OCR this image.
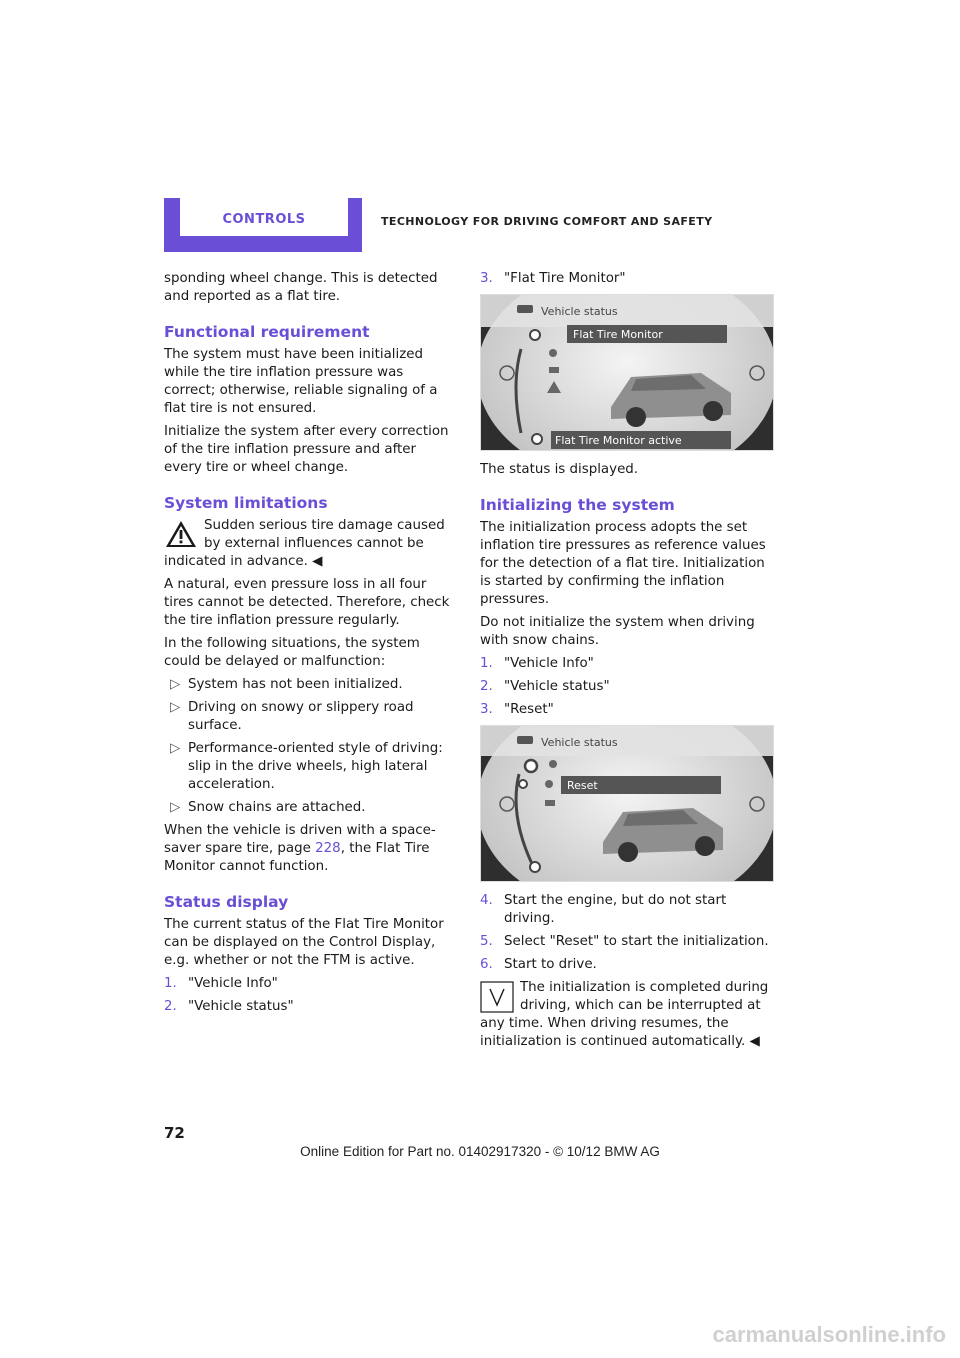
CONTROLS	TECHNOLOGY FOR DRIVING COMFORT AND SAFETY

sponding wheel change. This is detected and reported as a flat tire.

Functional requirement

The system must have been initialized while the tire inflation pressure was correct; otherwise, reliable signaling of a flat tire is not ensured.

Initialize the system after every correction of the tire inflation pressure and after every tire or wheel change.

System limitations
Sudden serious tire damage caused by external influences cannot be indicated in advance. ◀

A natural, even pressure loss in all four tires cannot be detected. Therefore, check the tire inflation pressure regularly.

In the following situations, the system could be delayed or malfunction:

▷ System has not been initialized.
▷ Driving on snowy or slippery road surface.
▷ Performance-oriented style of driving: slip in the drive wheels, high lateral acceleration.
▷ Snow chains are attached.

When the vehicle is driven with a space-saver spare tire, page 228, the Flat Tire Monitor cannot function.

Status display

The current status of the Flat Tire Monitor can be displayed on the Control Display, e.g. whether or not the FTM is active.

1. "Vehicle Info"
2. "Vehicle status"
3. "Flat Tire Monitor"
Vehicle status
Flat Tire Monitor
Flat Tire Monitor active

The status is displayed.

Initializing the system

The initialization process adopts the set inflation tire pressures as reference values for the detection of a flat tire. Initialization is started by confirming the inflation pressures.

Do not initialize the system when driving with snow chains.

1. "Vehicle Info"
2. "Vehicle status"
3. "Reset"
Vehicle status
Reset
4. Start the engine, but do not start driving.
5. Select "Reset" to start the initialization.
6. Start to drive.
The initialization is completed during driving, which can be interrupted at any time. When driving resumes, the initialization is continued automatically. ◀
72
Online Edition for Part no. 01402917320 - © 10/12 BMW AG
carmanualsonline.info
